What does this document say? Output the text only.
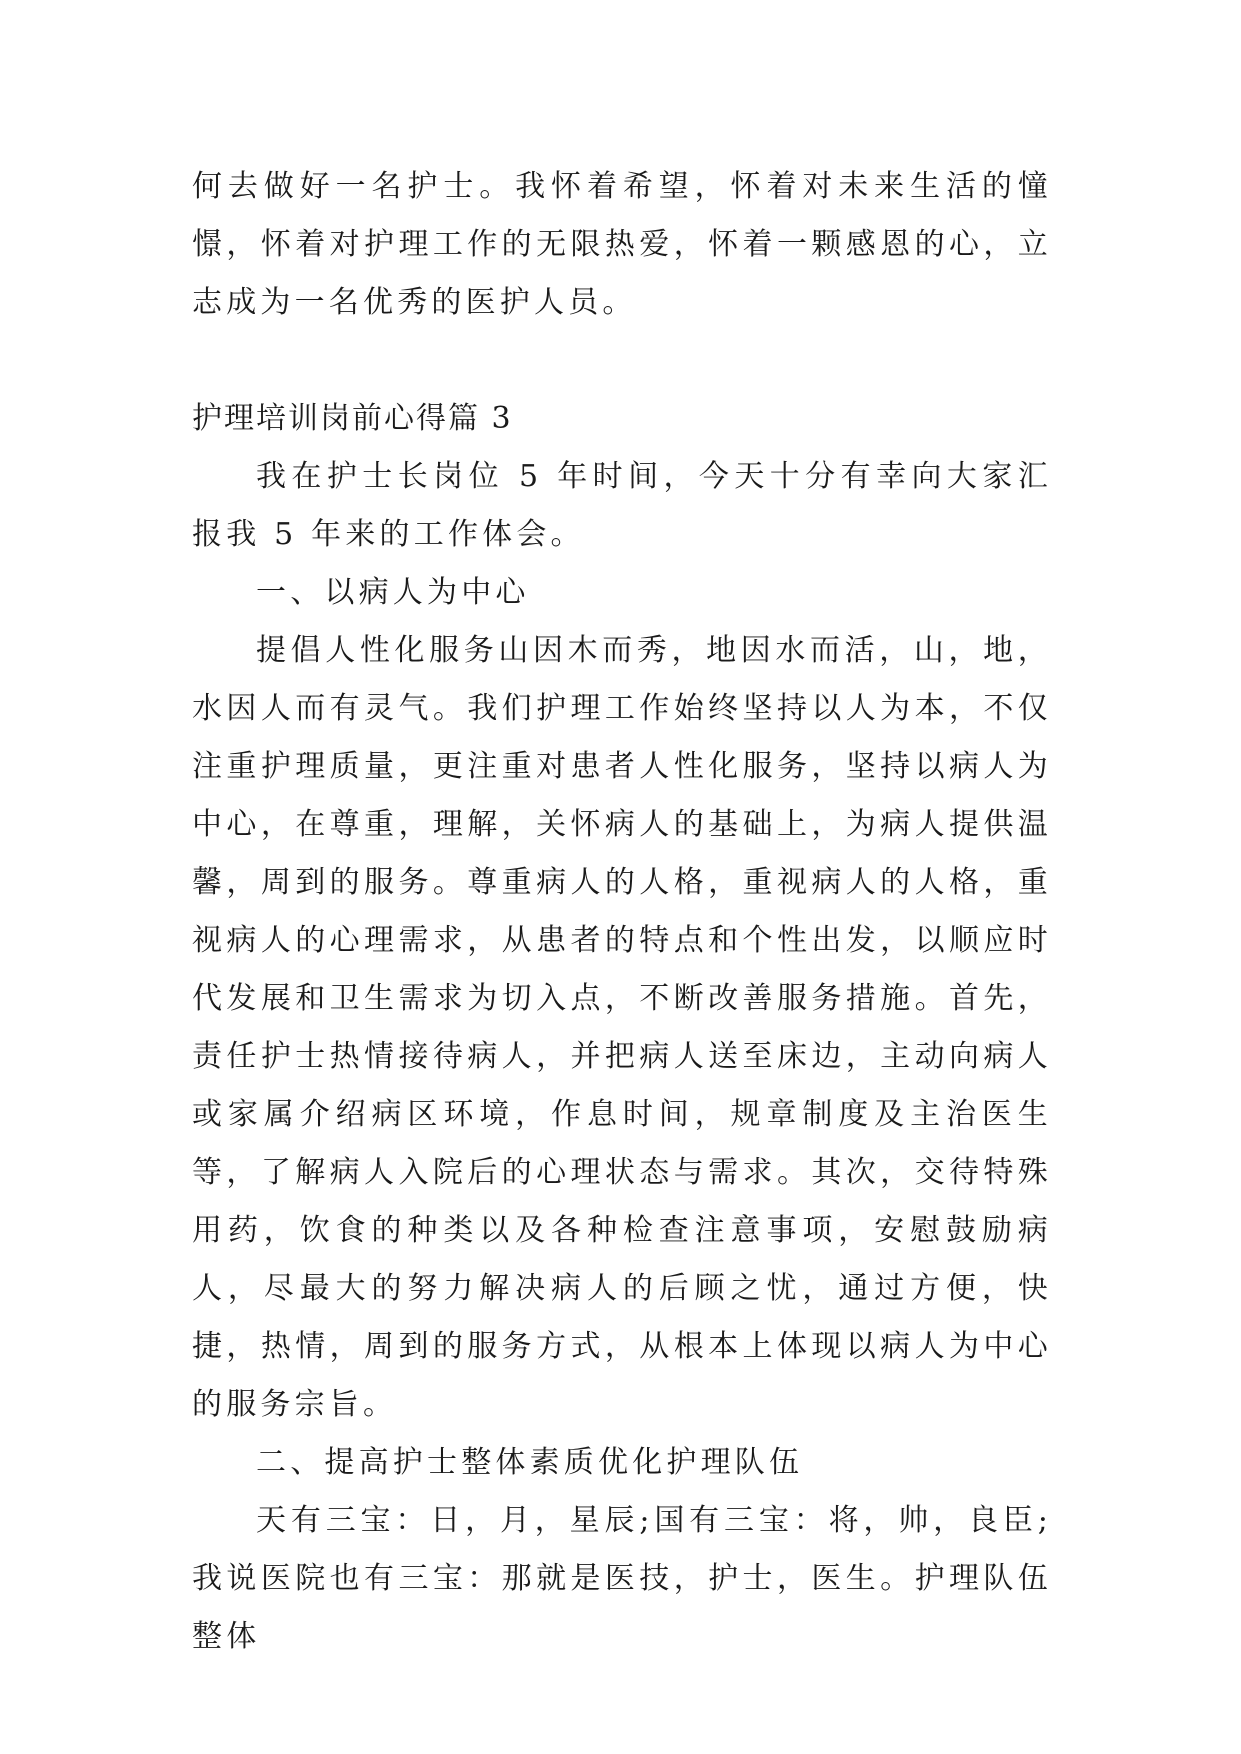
何去做好一名护士。我怀着希望，怀着对未来生活的憧憬，怀着对护理工作的无限热爱，怀着一颗感恩的心，立志成为一名优秀的医护人员。

护理培训岗前心得篇 3

我在护士长岗位 5 年时间，今天十分有幸向大家汇报我 5 年来的工作体会。

一、以病人为中心

提倡人性化服务山因木而秀，地因水而活，山，地，水因人而有灵气。我们护理工作始终坚持以人为本，不仅注重护理质量，更注重对患者人性化服务，坚持以病人为中心，在尊重，理解，关怀病人的基础上，为病人提供温馨，周到的服务。尊重病人的人格，重视病人的人格，重视病人的心理需求，从患者的特点和个性出发，以顺应时代发展和卫生需求为切入点，不断改善服务措施。首先，责任护士热情接待病人，并把病人送至床边，主动向病人或家属介绍病区环境，作息时间，规章制度及主治医生等，了解病人入院后的心理状态与需求。其次，交待特殊用药，饮食的种类以及各种检查注意事项，安慰鼓励病人，尽最大的努力解决病人的后顾之忧，通过方便，快捷，热情，周到的服务方式，从根本上体现以病人为中心的服务宗旨。

二、提高护士整体素质优化护理队伍

天有三宝：日，月，星辰;国有三宝：将，帅，良臣;我说医院也有三宝：那就是医技，护士，医生。护理队伍整体
